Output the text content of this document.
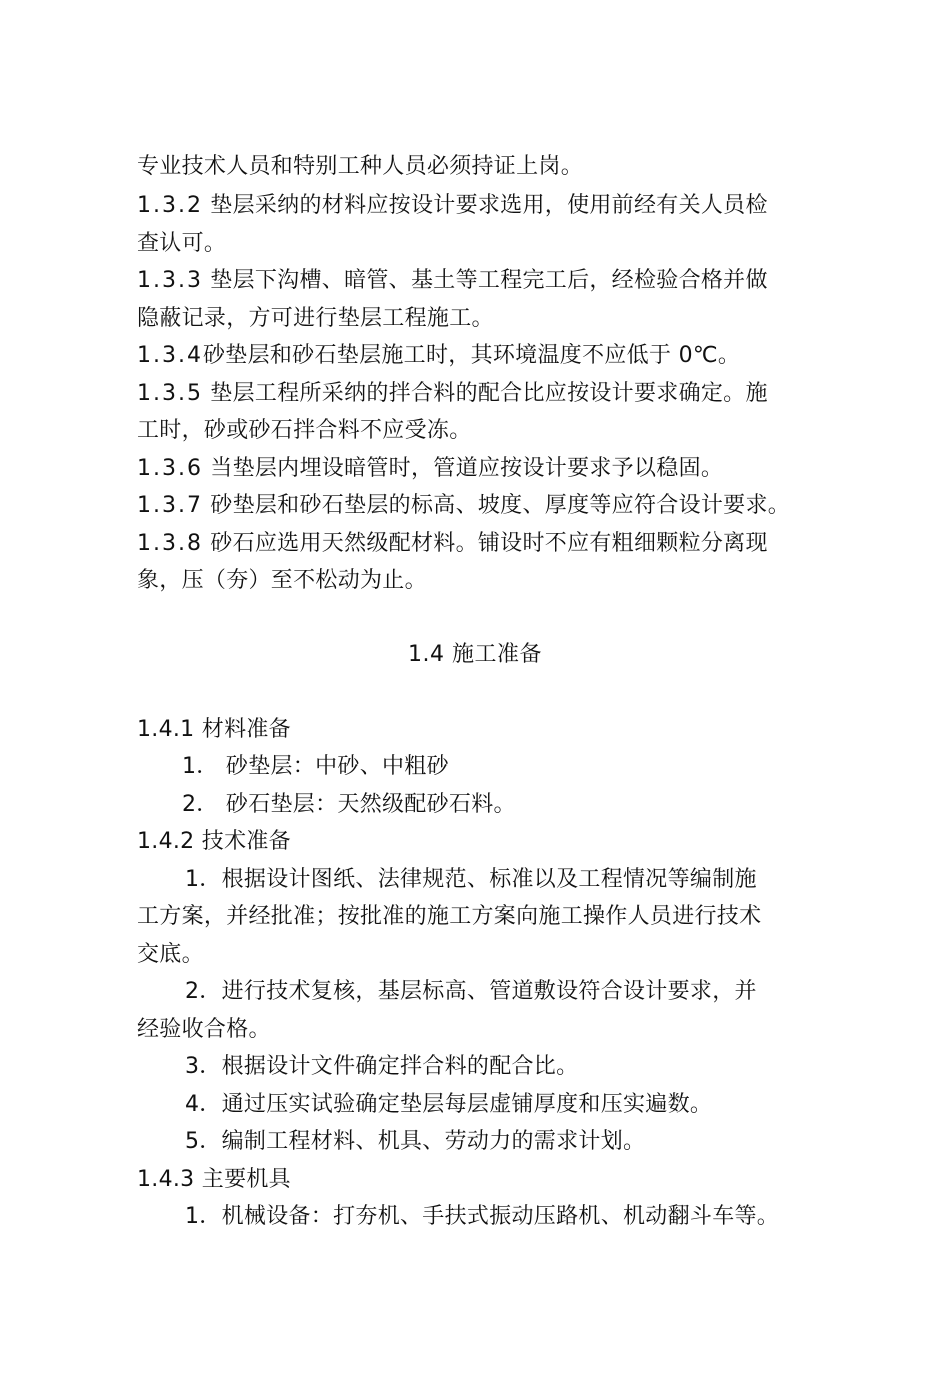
专业技术人员和特别工种人员必须持证上岗。
1.3.2 垫层采纳的材料应按设计要求选用，使用前经有关人员检
查认可。
1.3.3 垫层下沟槽、暗管、基土等工程完工后，经检验合格并做
隐蔽记录，方可进行垫层工程施工。
1.3.4砂垫层和砂石垫层施工时，其环境温度不应低于 0℃。
1.3.5 垫层工程所采纳的拌合料的配合比应按设计要求确定。施
工时，砂或砂石拌合料不应受冻。
1.3.6 当垫层内埋设暗管时，管道应按设计要求予以稳固。
1.3.7 砂垫层和砂石垫层的标高、坡度、厚度等应符合设计要求。
1.3.8 砂石应选用天然级配材料。铺设时不应有粗细颗粒分离现
象，压（夯）至不松动为止。
1.4 施工准备
1.4.1 材料准备
1． 砂垫层：中砂、中粗砂
2． 砂石垫层：天然级配砂石料。
1.4.2 技术准备
1．根据设计图纸、法律规范、标准以及工程情况等编制施
工方案，并经批准；按批准的施工方案向施工操作人员进行技术
交底。
2．进行技术复核，基层标高、管道敷设符合设计要求，并
经验收合格。
3．根据设计文件确定拌合料的配合比。
4．通过压实试验确定垫层每层虚铺厚度和压实遍数。
5．编制工程材料、机具、劳动力的需求计划。
1.4.3 主要机具
1．机械设备：打夯机、手扶式振动压路机、机动翻斗车等。
